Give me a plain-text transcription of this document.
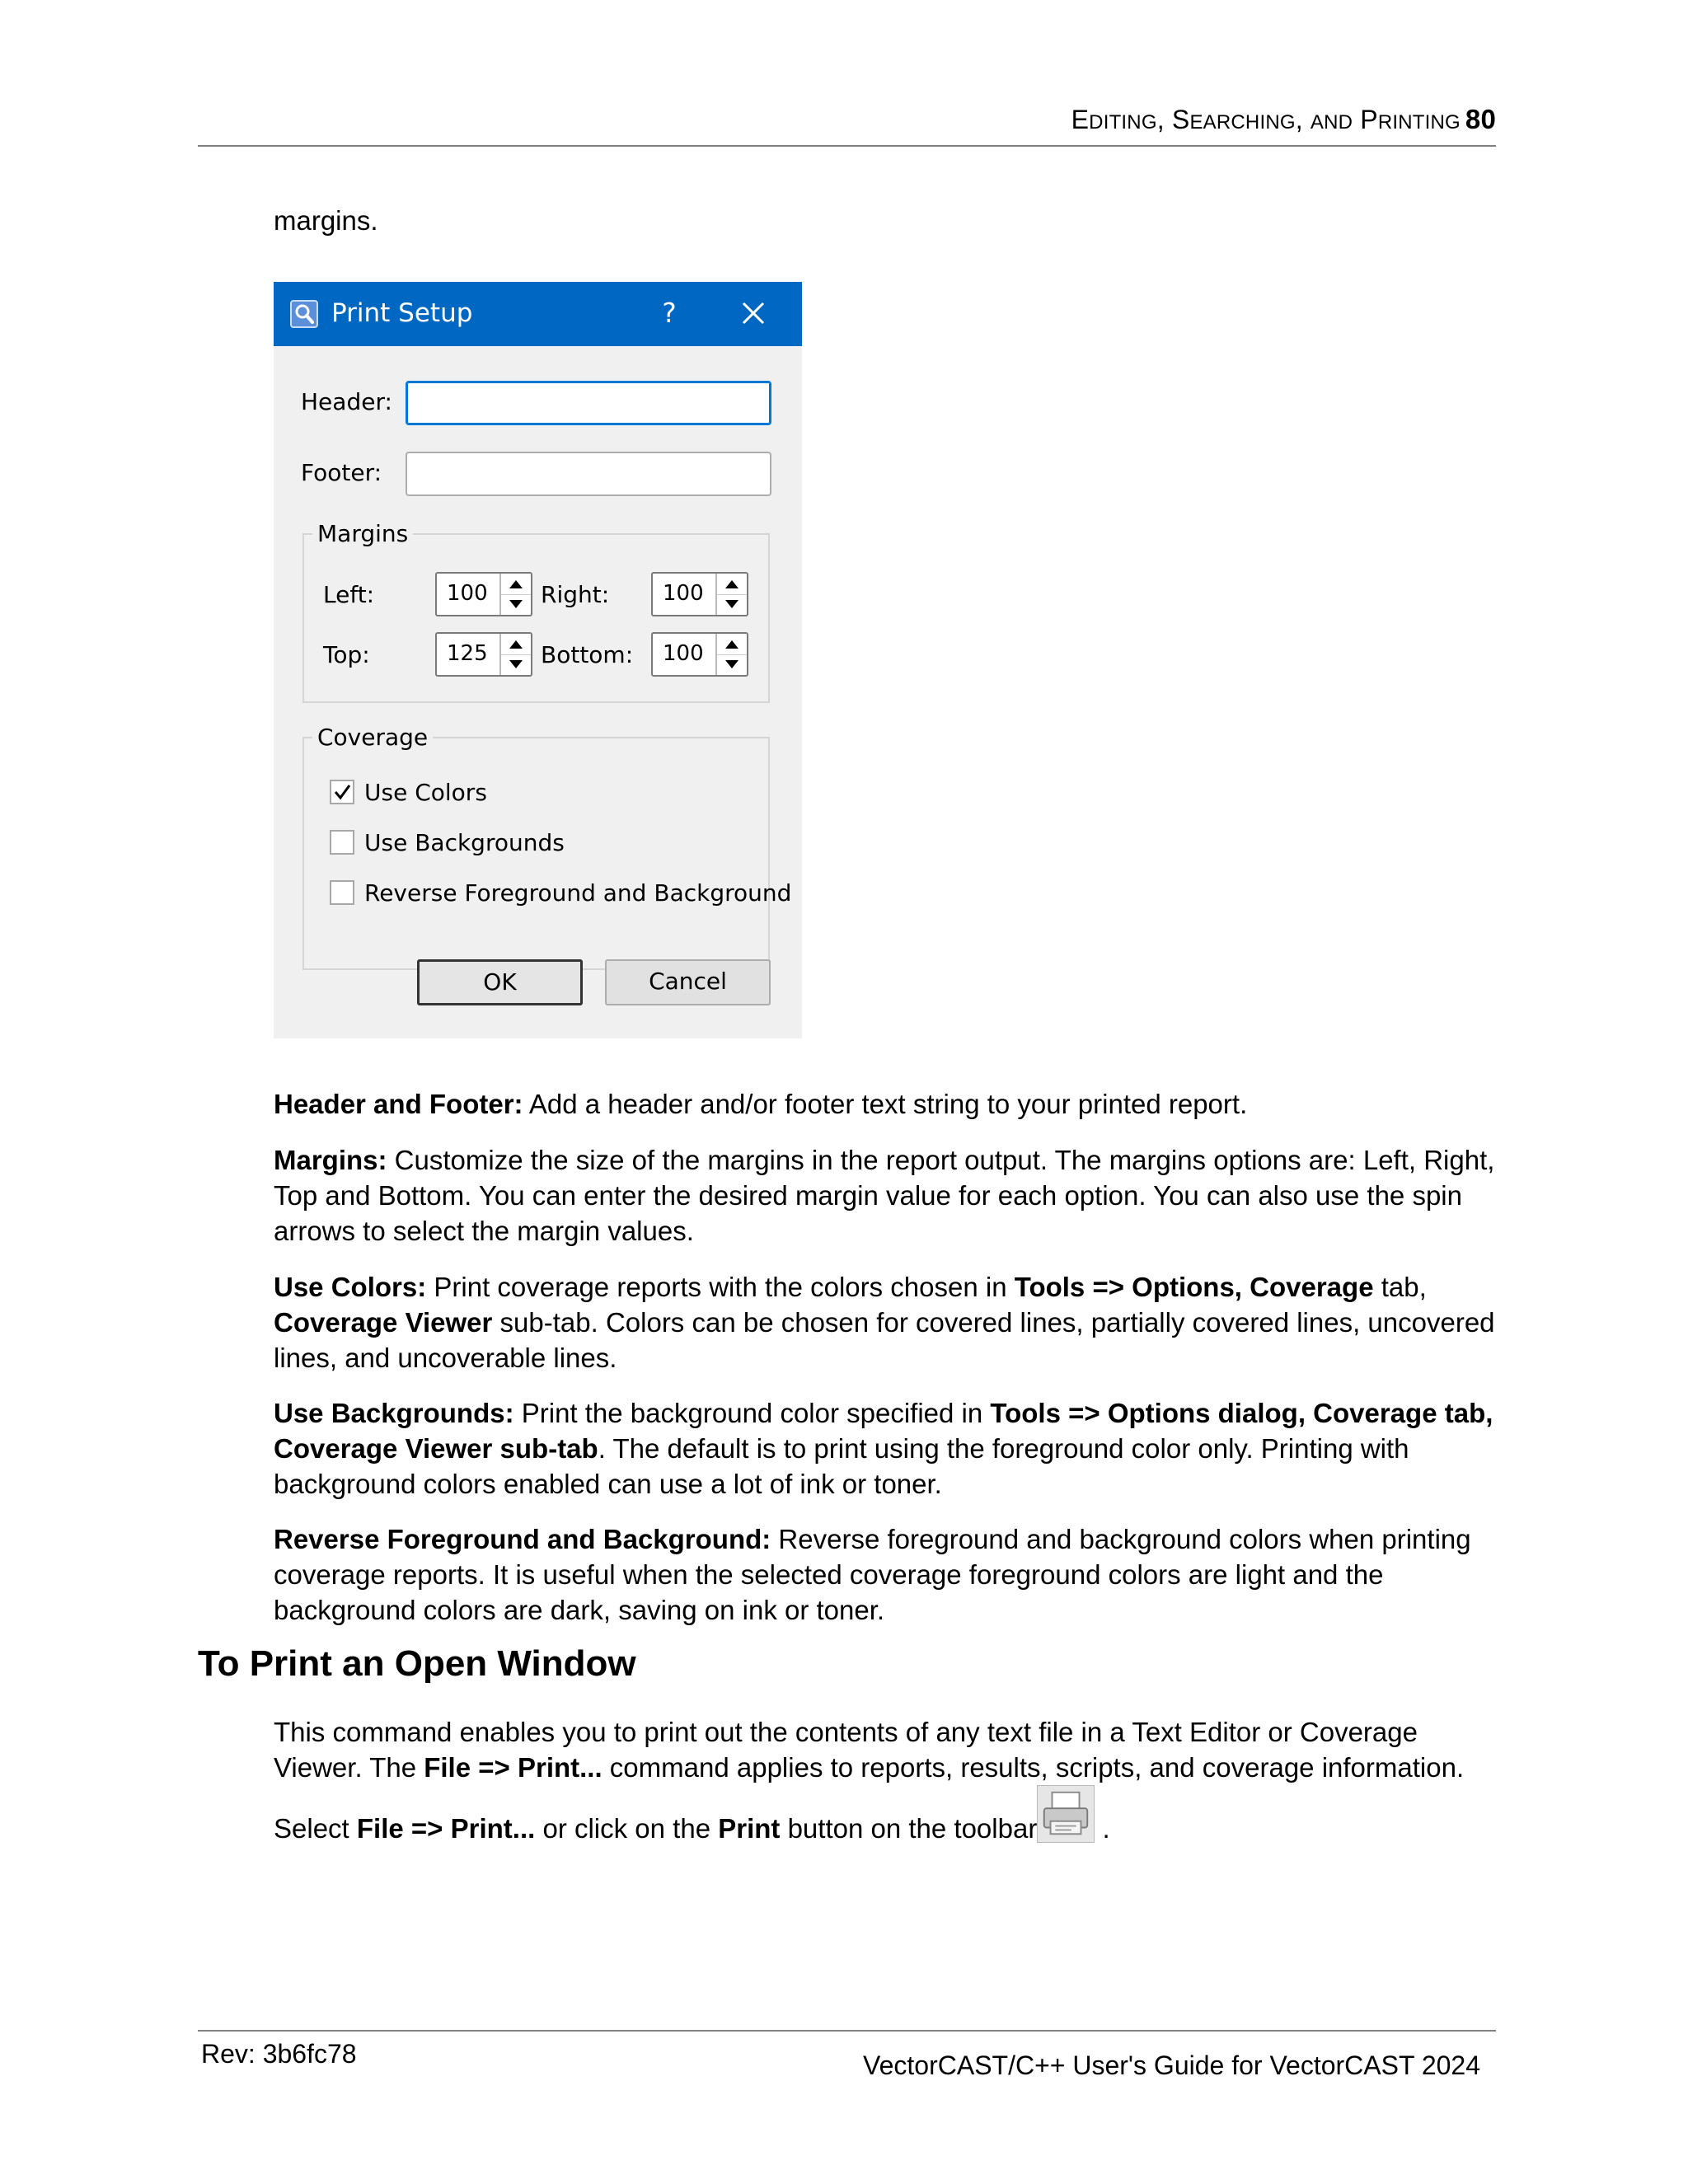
EDITING, SEARCHING, AND PRINTING 80
margins.
Print Setup	?
Header:
Footer:
Margins
Left:	100 Right: 100
Top:	125 Bottom: 100
Coverage
Use Colors
Use Backgrounds
Reverse Foreground and Background
OK	Cancel
Header and Footer: Add a header and/or footer text string to your printed report.
Margins: Customize the size of the margins in the report output. The margins options are: Left, Right, Top and Bottom. You can enter the desired margin value for each option. You can also use the spin arrows to select the margin values.
Use Colors: Print coverage reports with the colors chosen in Tools => Options, Coverage tab, Coverage Viewer sub-tab. Colors can be chosen for covered lines, partially covered lines, uncovered lines, and uncoverable lines.
Use Backgrounds: Print the background color specified in Tools => Options dialog, Coverage tab, Coverage Viewer sub-tab. The default is to print using the foreground color only. Printing with background colors enabled can use a lot of ink or toner.
Reverse Foreground and Background: Reverse foreground and background colors when printing coverage reports. It is useful when the selected coverage foreground colors are light and the background colors are dark, saving on ink or toner.
To Print an Open Window
This command enables you to print out the contents of any text file in a Text Editor or Coverage Viewer. The File => Print... command applies to reports, results, scripts, and coverage information. Select File => Print... or click on the Print button on the toolbar
.
Rev: 3b6fc78	VectorCAST/C++ User's Guide for VectorCAST 2024
